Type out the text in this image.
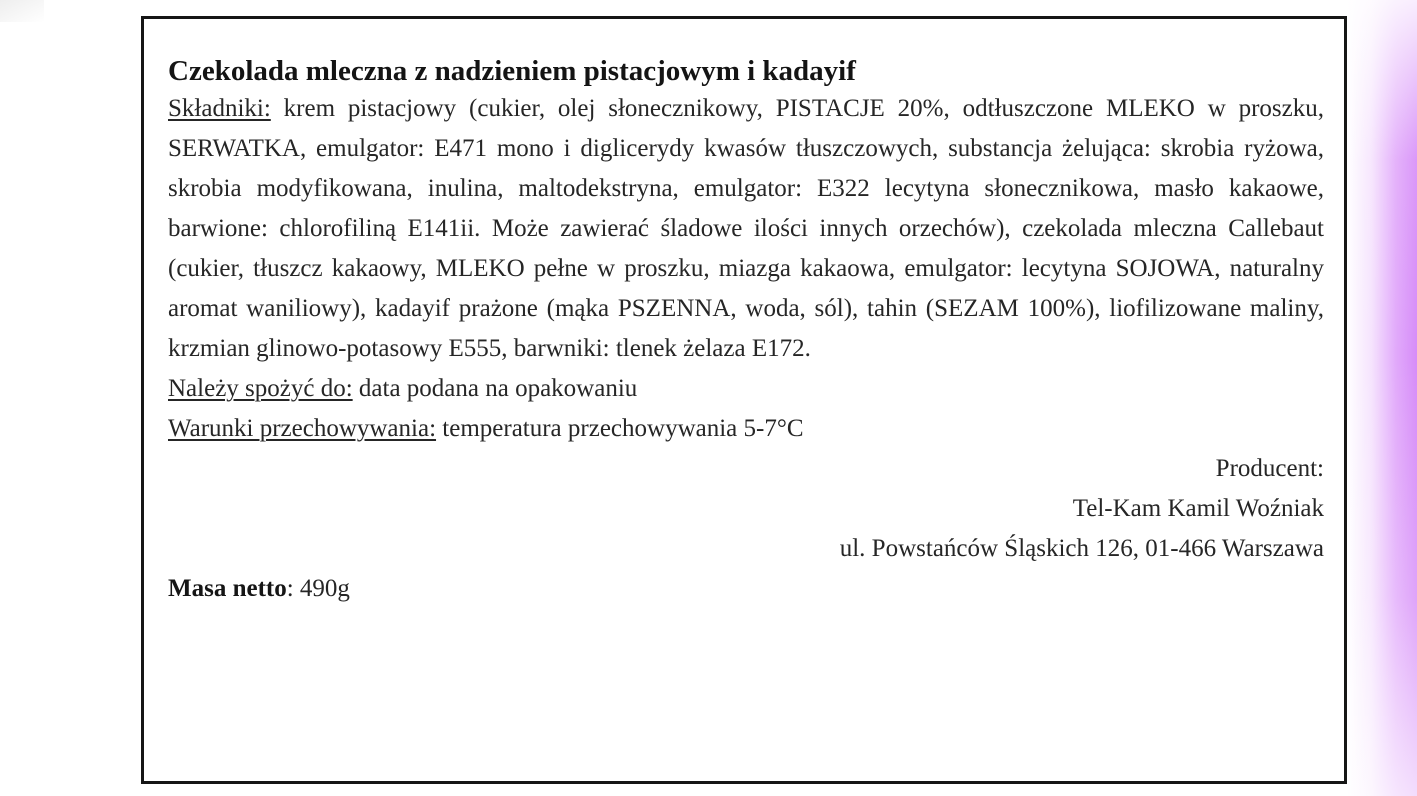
Czekolada mleczna z nadzieniem pistacjowym i kadayif

Składniki: krem pistacjowy (cukier, olej słonecznikowy, PISTACJE 20%, odtłuszczone MLEKO w proszku, SERWATKA, emulgator: E471 mono i diglicerydy kwasów tłuszczowych, substancja żelująca: skrobia ryżowa, skrobia modyfikowana, inulina, maltodekstryna, emulgator: E322 lecytyna słonecznikowa, masło kakaowe, barwione: chlorofiliną E141ii. Może zawierać śladowe ilości innych orzechów), czekolada mleczna Callebaut (cukier, tłuszcz kakaowy, MLEKO pełne w proszku, miazga kakaowa, emulgator: lecytyna SOJOWA, naturalny aromat waniliowy), kadayif prażone (mąka PSZENNA, woda, sól), tahin (SEZAM 100%), liofilizowane maliny, krzmian glinowo-potasowy E555, barwniki: tlenek żelaza E172.

Należy spożyć do: data podana na opakowaniu

Warunki przechowywania: temperatura przechowywania 5-7°C

Producent:

Tel-Kam Kamil Woźniak

ul. Powstańców Śląskich 126, 01-466 Warszawa

Masa netto: 490g
